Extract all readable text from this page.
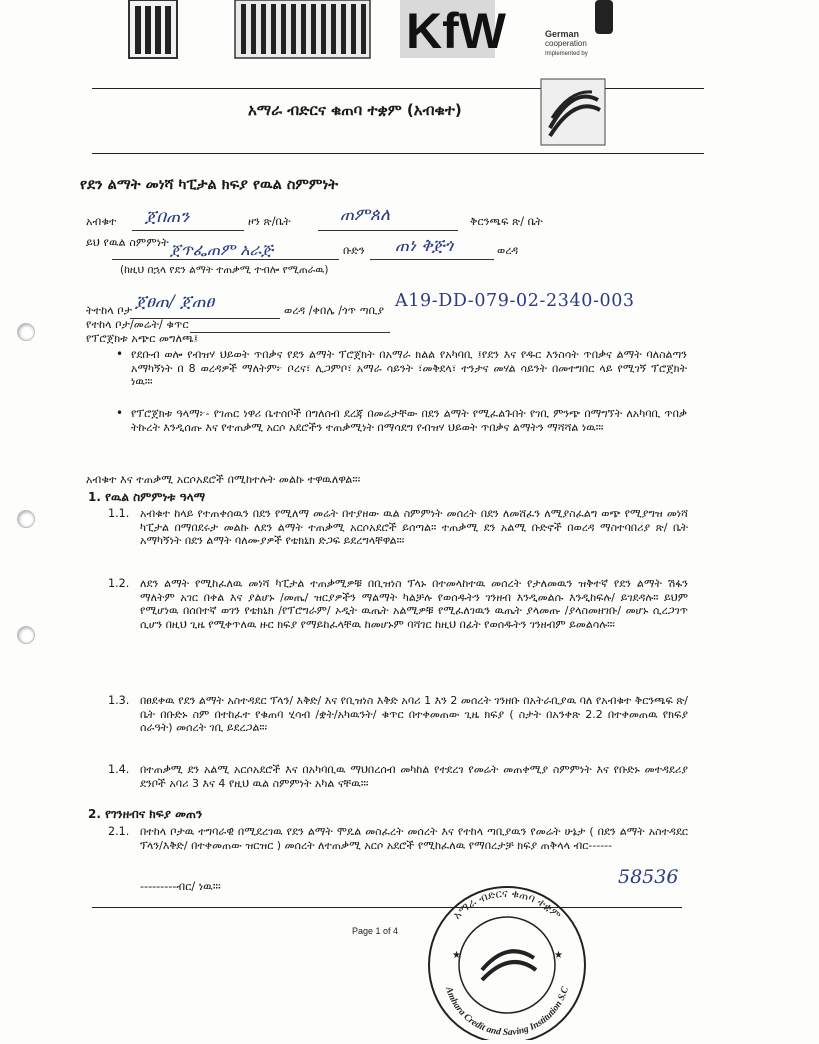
KfW	German
cooperation
Implemented by
አማራ ብድርና ቁጠባ ተቋም (አብቁተ)
የደን ልማት መነሻ ካፒታል ክፍያ የዉል ስምምነት
አብቁተ ጀበጠን	ዞን ጽ/ቤት	ጠምጰለ	ቅርንጫፍ ጽ/ ቤት
ይህ የዉል ስምምነት ጀጥፌጠም አራጅ	ቡድን ጠነ ቅጅጎ	ወረዳ
(ከዚህ በኋላ የደን ልማት ተጠቃሚ ተብሎ የሚጠራዉ)
ትተከላ ቦታ ጀፀጠ/ ጀጠፀ	ወረዳ /ቀበሌ /ጎጥ ጣቢያ
የተከላ ቦታ/መሬት/ ቁጥር
A19-DD-079-02-2340-003
የፕሮጀክቱ አጭር መግለጫ፤
• የደቡብ ወሎ የብዝሃ ህይወት ጥበቃና የደን ልማት ፕሮጀክት በአማራ ክልል የአካባቢ ፤የደን እና የዱር እንስሳት ጥበቃና ልማት ባለስልጣን አማካኝነት በ 8 ወረዳዎች ማለትም፦ ቦረና፣ ሊጋምቦ፣ አማራ ሳይንት ፣መቅደላ፣ ተንታና መሃል ሳይንት በመተግበር ላይ የሚገኝ ፕሮጀክት ነዉ።፡
• የፕሮጀክቱ ዓላማ፦- የገጠር ነዋሪ ቤተሰቦች በግለሰብ ደረጃ በመሬታቸው በደን ልማት የሚፈልጉበት የገቢ ምንጭ በማግኘት ለአካባቢ ጥበቃ ትኩረት እንዲሰጡ እና የተጠቃሚ አርሶ አደሮችን ተጠቃሚነት በማሳደግ የብዝሃ ህይወት ጥበቃና ልማትን ማሻሻል ነዉ።፡
አብቁተ እና ተጠቃሚ አርሶአደሮች በሚከተሉት መልኩ ተዋዉለዋል።፡
1. የዉል ስምምነቱ ዓላማ
1.1. አብቁተ ከላይ የተጠቀሰዉን በደን የሚለማ መሬት በተያዘው ዉል ስምምነት መሰረት በደን ለመሸፈን ለሚያስፈልግ ወጭ የሚያግዝ መነሻ ካፒታል በማበደሩታ መልኩ ለደን ልማት ተጠቃሚ አርሶአደሮች ይሰጣል። ተጠቃሚ ደን አልሚ ቡድኖች በወረዳ ማስተባበሪያ ጽ/ ቤት አማካኝነት በደን ልማት ባለሙያዎች የቴክኒክ ድጋፍ ይደረግላቸዋል።፡
1.2. ለደን ልማት የሚከፈለዉ መነሻ ካፒታል ተጠቃሚዎቹ በቢዝነስ ፕላኑ በተመላከተዉ መሰረት የታለመዉን ዝቅተኛ የደን ልማት ሽፋን ማለትም አገር በቀል እና ያልሆኑ /መጤ/ ዝርያዎችን ማልማት ካልቻሉ የወሰዱትን ገንዘብ እንዲመልሱ እንዲከፍሉ/ ይገደዳሉ። ይህም የሚሆነዉ በሰበተኛ ወገን የቴክኒክ /የፕሮግራም/ ኦዲት ዉጤት አልሚዎቹ የሚፈለገዉን ዉጤት ያላመጡ /ያላስመዘገቡ/ መሆኑ ሲረጋገጥ ሲሆን በዚህ ጊዜ የሚቀጥለዉ ዙር ክፍያ የማይከፈላቸዉ ከመሆኑም ባሻገር ከዚህ በፊት የወሰዱትን ገንዘብም ይመልሳሉ።፡
1.3. በፀደቀዉ የደን ልማት አስተዳደር ፕላን/ እቅድ/ እና የቢዝነስ እቅድ አባሪ 1 እን 2 መሰረት ገንዘቡ በአትራቢያዉ ባለ የአብቁተ ቅርንጫፍ ጽ/ቤት በቡድኑ ስም በተከፈተ የቁጠባ ሂሳብ /ቋት/አካዉንት/ ቁጥር በተቀመጠው ጊዜ ክፍያ ( ስታት በአንቀጽ 2.2 በተቀመጠዉ የክፍያ ሰራዓት) መሰረት ገቢ ይደረጋል።፡
1.4. በተጠቃሚ ደን አልሚ አርሶአደሮች እና በአካባቢዉ ማህበረሰብ መካከል የተደረገ የመሬት መጠቀሚያ ስምምነት እና የቡድኑ መተዳደሪያ ደንቦች አባሪ 3 እና 4 የዚህ ዉል ስምምነት አካል ናቸዉ።፡
2. የገንዘብና ክፍያ መጠን
2.1. በተከላ ቦታዉ ተግባራዊ በሚደረገዉ የደን ልማት ሞዴል መስፈረት መሰረት እና የተከላ ጣቢያዉን የመሬት ሁኔታ ( በደን ልማት አስተዳደር ፕላን/እቅድ/ በተቀመጠው ዝርዝር ) መሰረት ለተጠቃሚ አርሶ አደሮች የሚከፈለዉ የማበረታቻ ክፍያ ጠቅላላ ብር------
---------ብር/ ነዉ።፡	58536
Page 1 of 4
አማራ ብድርና ቁጠባ ተቋም
Amhara Credit and Saving Institution S.C
★	★
